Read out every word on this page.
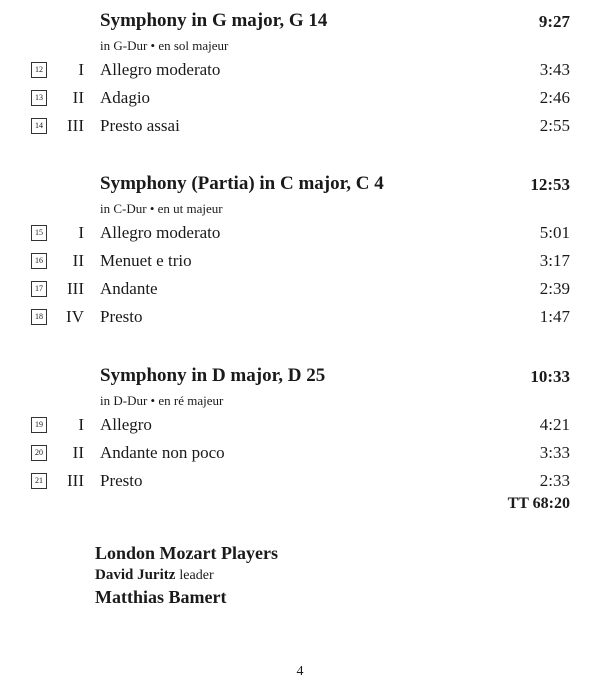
Symphony in G major, G 14	9:27
in G-Dur • en sol majeur
12	I Allegro moderato	3:43
13	II Adagio	2:46
14	III Presto assai	2:55
Symphony (Partia) in C major, C 4	12:53
in C-Dur • en ut majeur
15	I Allegro moderato	5:01
16	II Menuet e trio	3:17
17	III Andante	2:39
18	IV Presto	1:47
Symphony in D major, D 25	10:33
in D-Dur • en ré majeur
19	I Allegro	4:21
20	II Andante non poco	3:33
21	III Presto	2:33
TT 68:20
London Mozart Players
David Juritz leader
Matthias Bamert
4
